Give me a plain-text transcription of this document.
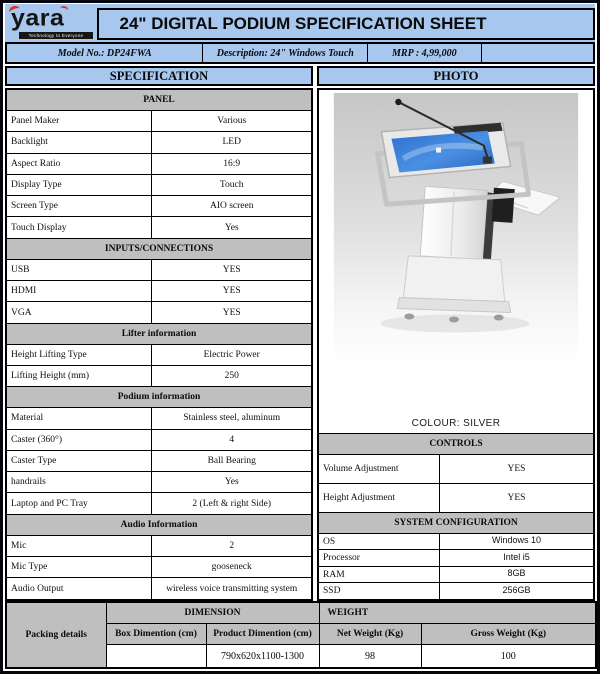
yara
Technology to Everyone
24" DIGITAL PODIUM SPECIFICATION SHEET
Model No.: DP24FWA	Description: 24" Windows Touch	MRP : 4,99,000	
SPECIFICATION	PHOTO
PANEL	
Panel Maker	Various
Backlight	LED
Aspect Ratio	16:9
Display Type	Touch
Screen Type	AIO screen
Touch Display	Yes
INPUTS/CONNECTIONS	
USB	YES
HDMI	YES
VGA	YES
Lifter information	
Height Lifting Type	Electric Power
Lifting Height (mm)	250
Podium information	
Material	Stainless steel, aluminum
Caster (360°)	4
Caster Type	Ball Bearing
handrails	Yes
Laptop and PC Tray	2 (Left & right Side)
Audio Information	
Mic	2
Mic Type	gooseneck
Audio Output	wireless voice transmitting system
COLOUR: SILVER	

CONTROLS	
Volume Adjustment	YES
Height Adjustment	YES
SYSTEM CONFIGURATION	
OS	Windows 10
Processor	Intel i5
RAM	8GB
SSD	256GB
Packing details	DIMENSION		WEIGHT	
	Box Dimention (cm)	Product Dimention (cm)	Net Weight (Kg)	Gross Weight (Kg)
		790x620x1100-1300	98	100
